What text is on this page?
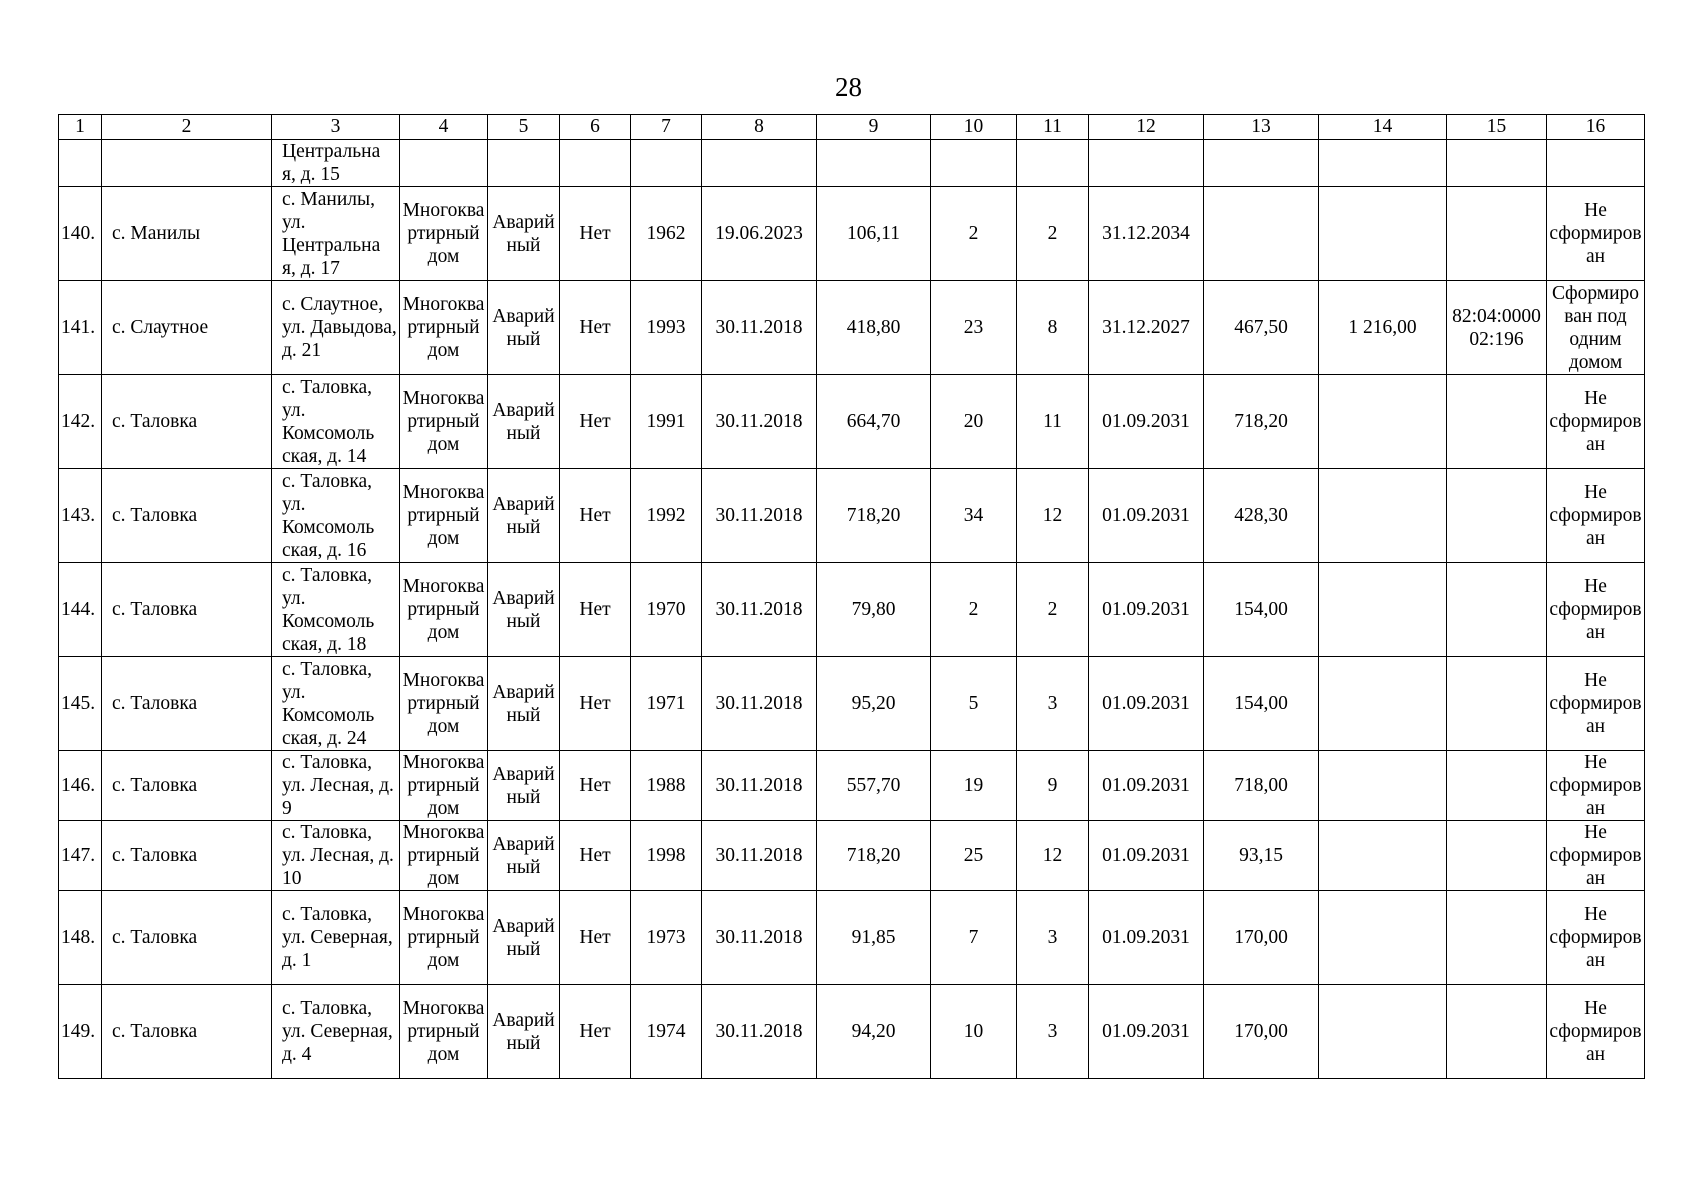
28
1	2	3	4	5	6	7	8	9	10	11	12	13	14	15	16
		Центральна я, д. 15													
140.	с. Манилы	с. Манилы, ул. Центральна я, д. 17	Многоква ртирный дом	Аварий ный	Нет	1962	19.06.2023	106,11	2	2	31.12.2034				Не сформиров ан
141.	с. Слаутное	с. Слаутное, ул. Давыдова, д. 21	Многоква ртирный дом	Аварий ный	Нет	1993	30.11.2018	418,80	23	8	31.12.2027	467,50	1 216,00	82:04:0000 02:196	Сформиро ван под одним домом
142.	с. Таловка	с. Таловка, ул. Комсомоль ская, д. 14	Многоква ртирный дом	Аварий ный	Нет	1991	30.11.2018	664,70	20	11	01.09.2031	718,20			Не сформиров ан
143.	с. Таловка	с. Таловка, ул. Комсомоль ская, д. 16	Многоква ртирный дом	Аварий ный	Нет	1992	30.11.2018	718,20	34	12	01.09.2031	428,30			Не сформиров ан
144.	с. Таловка	с. Таловка, ул. Комсомоль ская, д. 18	Многоква ртирный дом	Аварий ный	Нет	1970	30.11.2018	79,80	2	2	01.09.2031	154,00			Не сформиров ан
145.	с. Таловка	с. Таловка, ул. Комсомоль ская, д. 24	Многоква ртирный дом	Аварий ный	Нет	1971	30.11.2018	95,20	5	3	01.09.2031	154,00			Не сформиров ан
146.	с. Таловка	с. Таловка, ул. Лесная, д. 9	Многоква ртирный дом	Аварий ный	Нет	1988	30.11.2018	557,70	19	9	01.09.2031	718,00			Не сформиров ан
147.	с. Таловка	с. Таловка, ул. Лесная, д. 10	Многоква ртирный дом	Аварий ный	Нет	1998	30.11.2018	718,20	25	12	01.09.2031	93,15			Не сформиров ан
148.	с. Таловка	с. Таловка, ул. Северная, д. 1	Многоква ртирный дом	Аварий ный	Нет	1973	30.11.2018	91,85	7	3	01.09.2031	170,00			Не сформиров ан
149.	с. Таловка	с. Таловка, ул. Северная, д. 4	Многоква ртирный дом	Аварий ный	Нет	1974	30.11.2018	94,20	10	3	01.09.2031	170,00			Не сформиров ан
